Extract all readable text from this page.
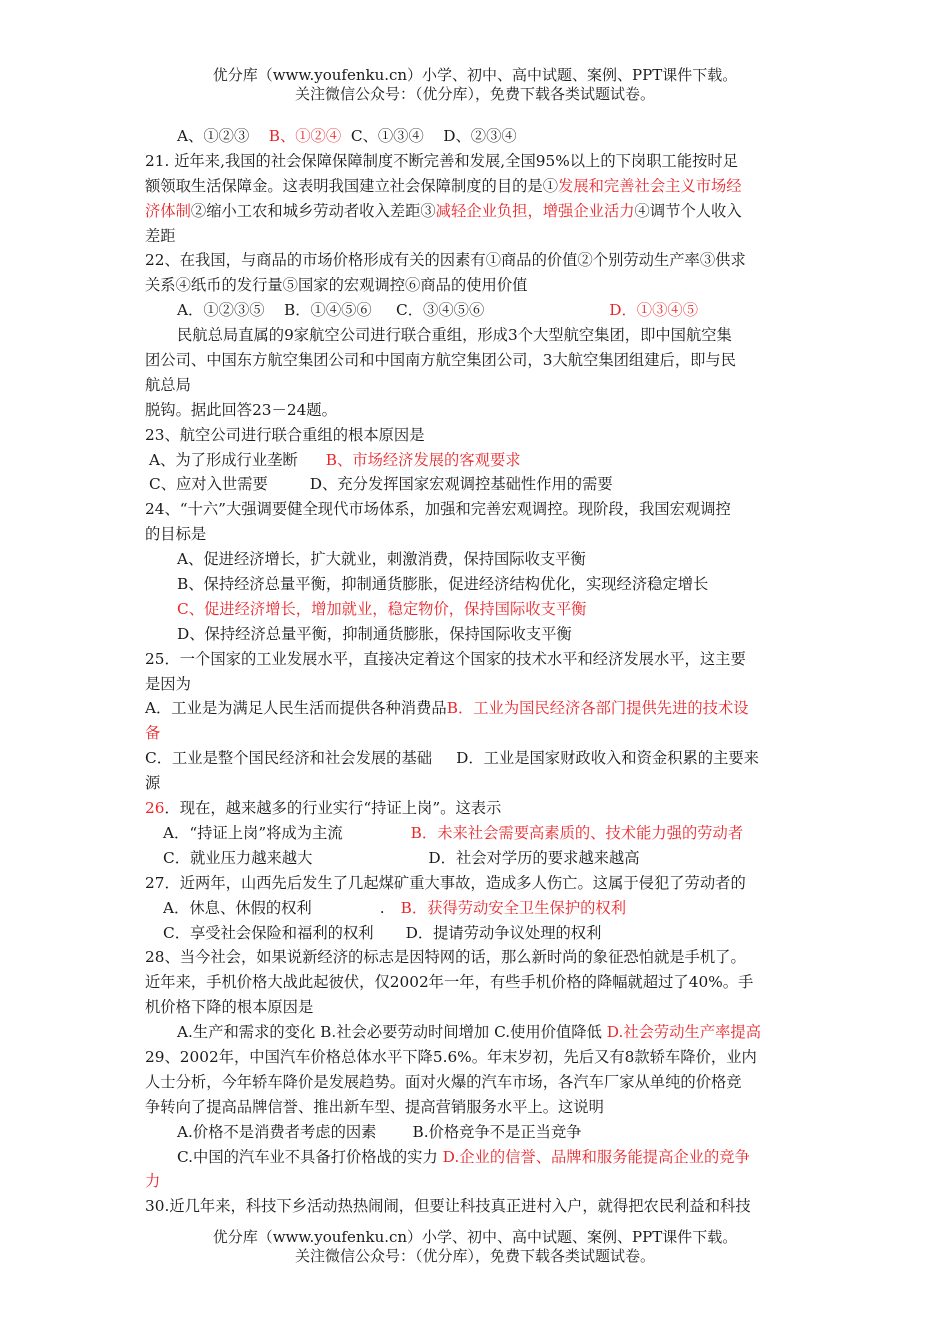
优分库（www.youfenku.cn）小学、初中、高中试题、案例、PPT课件下载。
关注微信公众号：（优分库），免费下载各类试题试卷。
A、①②③ B、①②④ C、①③④ D、②③④
21. 近年来,我国的社会保障保障制度不断完善和发展,全国95%以上的下岗职工能按时足
额领取生活保障金。这表明我国建立社会保障制度的目的是①发展和完善社会主义市场经
济体制②缩小工农和城乡劳动者收入差距③减轻企业负担，增强企业活力④调节个人收入
差距
22、在我国，与商品的市场价格形成有关的因素有①商品的价值②个别劳动生产率③供求
关系④纸币的发行量⑤国家的宏观调控⑥商品的使用价值
A．①②③⑤ B．①④⑤⑥ C．③④⑤⑥	D．①③④⑤
民航总局直属的9家航空公司进行联合重组，形成3个大型航空集团，即中国航空集
团公司、中国东方航空集团公司和中国南方航空集团公司，3大航空集团组建后，即与民
航总局
脱钩。据此回答23－24题。
23、航空公司进行联合重组的根本原因是
A、为了形成行业垄断 B、市场经济发展的客观要求
C、应对入世需要	D、充分发挥国家宏观调控基础性作用的需要
24、“十六”大强调要健全现代市场体系，加强和完善宏观调控。现阶段，我国宏观调控
的目标是
A、促进经济增长，扩大就业，刺激消费，保持国际收支平衡
B、保持经济总量平衡，抑制通货膨胀，促进经济结构优化，实现经济稳定增长
C、促进经济增长，增加就业，稳定物价，保持国际收支平衡
D、保持经济总量平衡，抑制通货膨胀，保持国际收支平衡
25．一个国家的工业发展水平，直接决定着这个国家的技术水平和经济发展水平，这主要
是因为
A．工业是为满足人民生活而提供各种消费品B．工业为国民经济各部门提供先进的技术设
备
C．工业是整个国民经济和社会发展的基础 D．工业是国家财政收入和资金积累的主要来
源
26．现在，越来越多的行业实行“持证上岗”。这表示
A．“持证上岗”将成为主流	B．未来社会需要高素质的、技术能力强的劳动者
C．就业压力越来越大	D．社会对学历的要求越来越高
27．近两年，山西先后发生了几起煤矿重大事故，造成多人伤亡。这属于侵犯了劳动者的
A．休息、休假的权利	. B．获得劳动安全卫生保护的权利
C．享受社会保险和福利的权利 D．提请劳动争议处理的权利
28、当今社会，如果说新经济的标志是因特网的话，那么新时尚的象征恐怕就是手机了。
近年来，手机价格大战此起彼伏，仅2002年一年，有些手机价格的降幅就超过了40%。手
机价格下降的根本原因是
A.生产和需求的变化 B.社会必要劳动时间增加 C.使用价值降低 D.社会劳动生产率提高
29、2002年，中国汽车价格总体水平下降5.6%。年末岁初，先后又有8款轿车降价，业内
人士分析，今年轿车降价是发展趋势。面对火爆的汽车市场，各汽车厂家从单纯的价格竞
争转向了提高品牌信誉、推出新车型、提高营销服务水平上。这说明
A.价格不是消费者考虑的因素 B.价格竞争不是正当竞争
C.中国的汽车业不具备打价格战的实力 D.企业的信誉、品牌和服务能提高企业的竞争
力
30.近几年来，科技下乡活动热热闹闹，但要让科技真正进村入户，就得把农民利益和科技
优分库（www.youfenku.cn）小学、初中、高中试题、案例、PPT课件下载。
关注微信公众号：（优分库），免费下载各类试题试卷。
